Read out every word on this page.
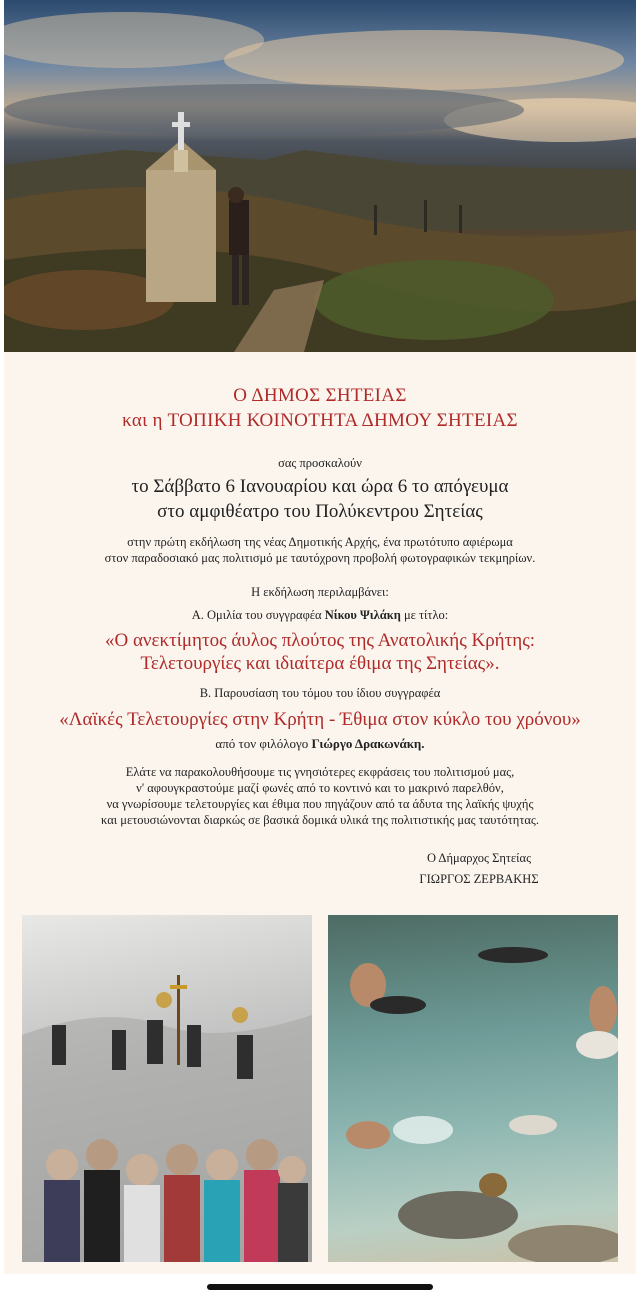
Ο ΔΗΜΟΣ ΣΗΤΕΙΑΣ
και η ΤΟΠΙΚΗ ΚΟΙΝΟΤΗΤΑ ΔΗΜΟΥ ΣΗΤΕΙΑΣ
σας προσκαλούν
το Σάββατο 6 Ιανουαρίου και ώρα 6 το απόγευμα
στο αμφιθέατρο του Πολύκεντρου Σητείας
στην πρώτη εκδήλωση της νέας Δημοτικής Αρχής, ένα πρωτότυπο αφιέρωμα
στον παραδοσιακό μας πολιτισμό με ταυτόχρονη προβολή φωτογραφικών τεκμηρίων.
Η εκδήλωση περιλαμβάνει:
Α. Ομιλία του συγγραφέα Νίκου Ψιλάκη με τίτλο:
«Ο ανεκτίμητος άυλος πλούτος της Ανατολικής Κρήτης:
Τελετουργίες και ιδιαίτερα έθιμα της Σητείας».
Β. Παρουσίαση του τόμου του ίδιου συγγραφέα
«Λαϊκές Τελετουργίες στην Κρήτη - Έθιμα στον κύκλο του χρόνου»
από τον φιλόλογο Γιώργο Δρακωνάκη.
Ελάτε να παρακολουθήσουμε τις γνησιότερες εκφράσεις του πολιτισμού μας,
ν' αφουγκραστούμε μαζί φωνές από το κοντινό και το μακρινό παρελθόν,
να γνωρίσουμε τελετουργίες και έθιμα που πηγάζουν από τα άδυτα της λαϊκής ψυχής
και μετουσιώνονται διαρκώς σε βασικά δομικά υλικά της πολιτιστικής μας ταυτότητας.
Ο Δήμαρχος Σητείας
ΓΙΩΡΓΟΣ ΖΕΡΒΑΚΗΣ
